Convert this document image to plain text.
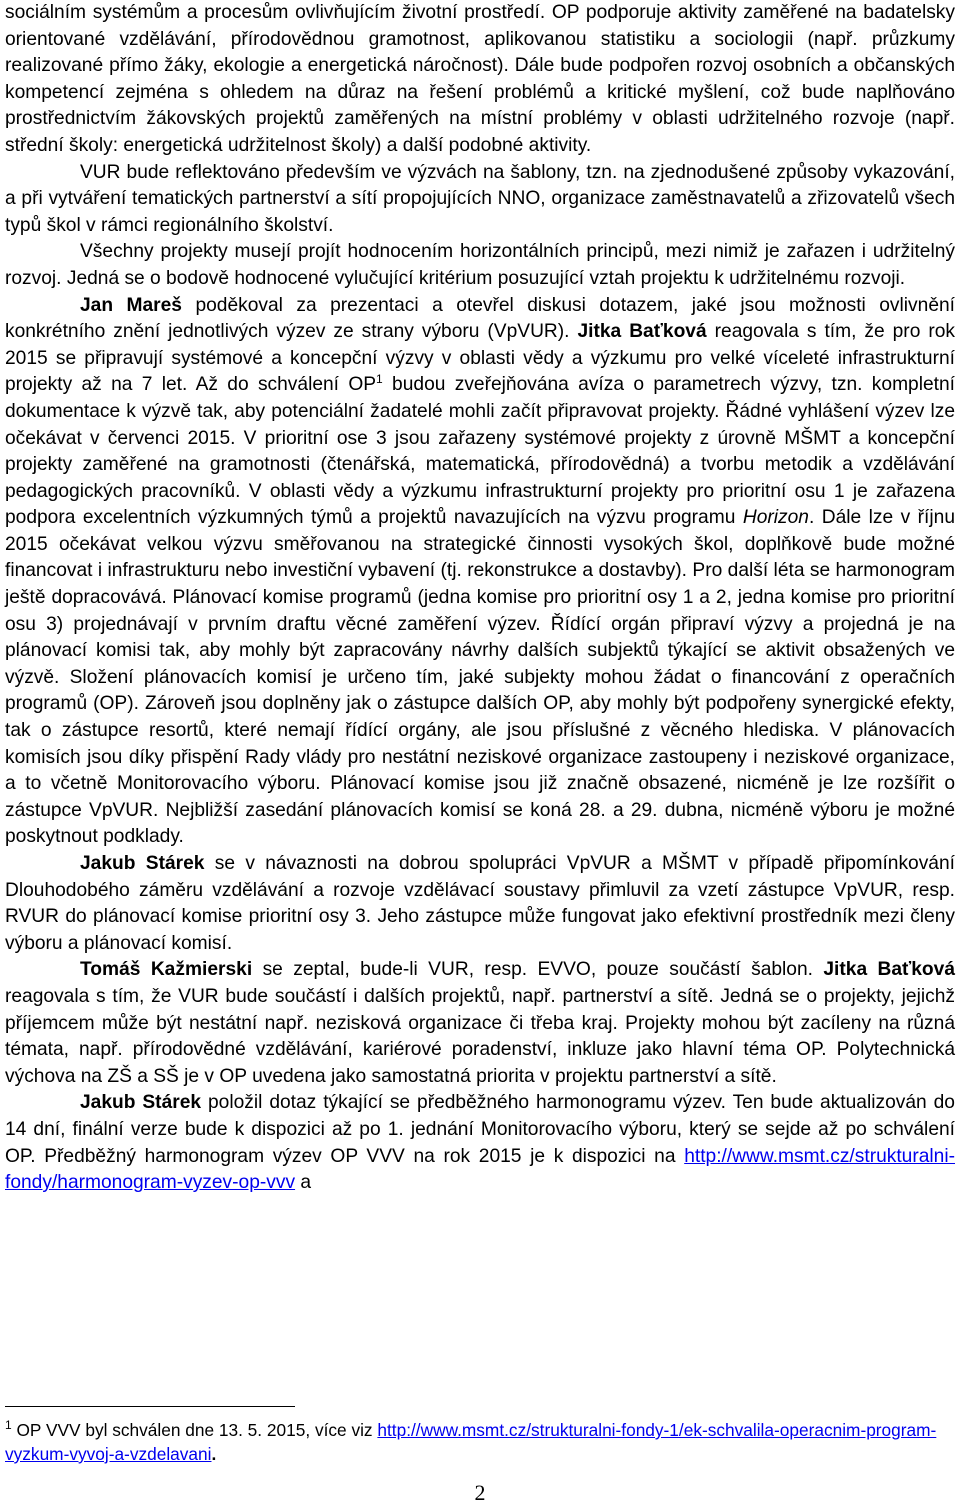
sociálním systémům a procesům ovlivňujícím životní prostředí. OP podporuje aktivity zaměřené na badatelsky orientované vzdělávání, přírodovědnou gramotnost, aplikovanou statistiku a sociologii (např. průzkumy realizované přímo žáky, ekologie a energetická náročnost). Dále bude podpořen rozvoj osobních a občanských kompetencí zejména s ohledem na důraz na řešení problémů a kritické myšlení, což bude naplňováno prostřednictvím žákovských projektů zaměřených na místní problémy v oblasti udržitelného rozvoje (např. střední školy: energetická udržitelnost školy) a další podobné aktivity.

VUR bude reflektováno především ve výzvách na šablony, tzn. na zjednodušené způsoby vykazování, a při vytváření tematických partnerství a sítí propojujících NNO, organizace zaměstnavatelů a zřizovatelů všech typů škol v rámci regionálního školství.

Všechny projekty musejí projít hodnocením horizontálních principů, mezi nimiž je zařazen i udržitelný rozvoj. Jedná se o bodově hodnocené vylučující kritérium posuzující vztah projektu k udržitelnému rozvoji.

Jan Mareš poděkoval za prezentaci a otevřel diskusi dotazem, jaké jsou možnosti ovlivnění konkrétního znění jednotlivých výzev ze strany výboru (VpVUR). Jitka Baťková reagovala s tím, že pro rok 2015 se připravují systémové a koncepční výzvy v oblasti vědy a výzkumu pro velké víceleté infrastrukturní projekty až na 7 let. Až do schválení $OP^1$ budou zveřejňována avíza o parametrech výzvy, tzn. kompletní dokumentace k výzvě tak, aby potenciální žadatelé mohli začít připravovat projekty. Řádné vyhlášení výzev lze očekávat v červenci 2015. V prioritní ose 3 jsou zařazeny systémové projekty z úrovně MŠMT a koncepční projekty zaměřené na gramotnosti (čtenářská, matematická, přírodovědná) a tvorbu metodik a vzdělávání pedagogických pracovníků. V oblasti vědy a výzkumu infrastrukturní projekty pro prioritní osu 1 je zařazena podpora excelentních výzkumných týmů a projektů navazujících na výzvu programu Horizon. Dále lze v říjnu 2015 očekávat velkou výzvu směřovanou na strategické činnosti vysokých škol, doplňkově bude možné financovat i infrastrukturu nebo investiční vybavení (tj. rekonstrukce a dostavby). Pro další léta se harmonogram ještě dopracovává. Plánovací komise programů (jedna komise pro prioritní osy 1 a 2, jedna komise pro prioritní osu 3) projednávají v prvním draftu věcné zaměření výzev. Řídící orgán připraví výzvy a projedná je na plánovací komisi tak, aby mohly být zapracovány návrhy dalších subjektů týkající se aktivit obsažených ve výzvě. Složení plánovacích komisí je určeno tím, jaké subjekty mohou žádat o financování z operačních programů (OP). Zároveň jsou doplněny jak o zástupce dalších OP, aby mohly být podpořeny synergické efekty, tak o zástupce resortů, které nemají řídící orgány, ale jsou příslušné z věcného hlediska. V plánovacích komisích jsou díky přispění Rady vlády pro nestátní neziskové organizace zastoupeny i neziskové organizace, a to včetně Monitorovacího výboru. Plánovací komise jsou již značně obsazené, nicméně je lze rozšířit o zástupce VpVUR. Nejbližší zasedání plánovacích komisí se koná 28. a 29. dubna, nicméně výboru je možné poskytnout podklady.

Jakub Stárek se v návaznosti na dobrou spolupráci VpVUR a MŠMT v případě připomínkování Dlouhodobého záměru vzdělávání a rozvoje vzdělávací soustavy přimluvil za vzetí zástupce VpVUR, resp. RVUR do plánovací komise prioritní osy 3. Jeho zástupce může fungovat jako efektivní prostředník mezi členy výboru a plánovací komisí.

Tomáš Kažmierski se zeptal, bude-li VUR, resp. EVVO, pouze součástí šablon. Jitka Baťková reagovala s tím, že VUR bude součástí i dalších projektů, např. partnerství a sítě. Jedná se o projekty, jejichž příjemcem může být nestátní např. nezisková organizace či třeba kraj. Projekty mohou být zacíleny na různá témata, např. přírodovědné vzdělávání, kariérové poradenství, inkluze jako hlavní téma OP. Polytechnická výchova na ZŠ a SŠ je v OP uvedena jako samostatná priorita v projektu partnerství a sítě.

Jakub Stárek položil dotaz týkající se předběžného harmonogramu výzev. Ten bude aktualizován do 14 dní, finální verze bude k dispozici až po 1. jednání Monitorovacího výboru, který se sejde až po schválení OP. Předběžný harmonogram výzev OP VVV na rok 2015 je k dispozici na http://www.msmt.cz/strukturalni-fondy/harmonogram-vyzev-op-vvv a

$^1$ OP VVV byl schválen dne 13. 5. 2015, více viz http://www.msmt.cz/strukturalni-fondy-1/ek-schvalila-operacnim-program-vyzkum-vyvoj-a-vzdelavani.

2
